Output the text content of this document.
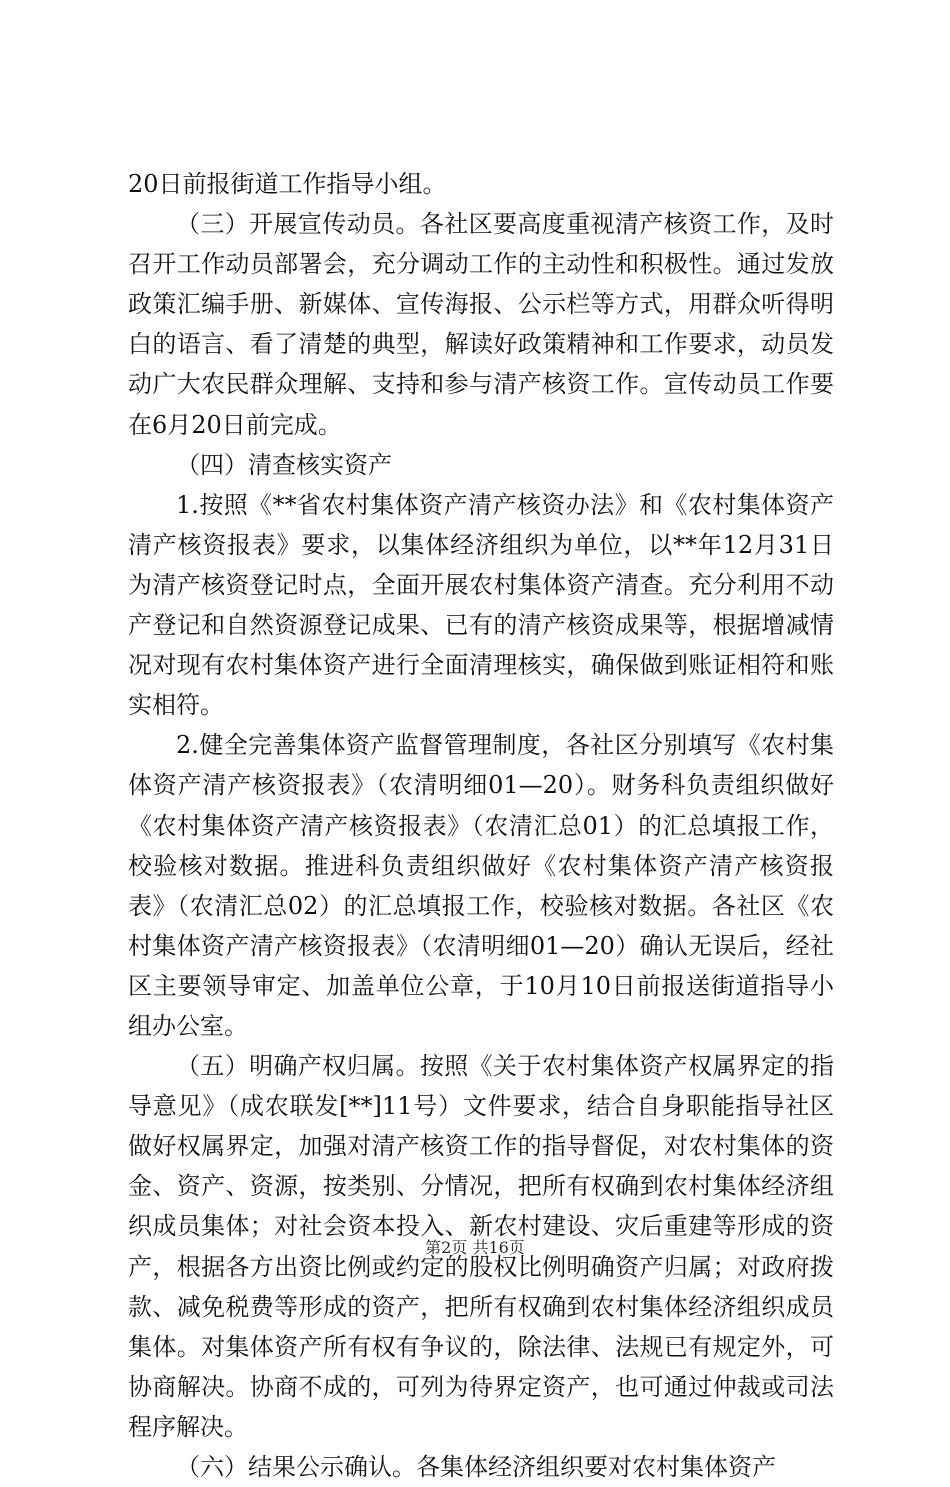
20日前报街道工作指导小组。

（三）开展宣传动员。各社区要高度重视清产核资工作，及时召开工作动员部署会，充分调动工作的主动性和积极性。通过发放政策汇编手册、新媒体、宣传海报、公示栏等方式，用群众听得明白的语言、看了清楚的典型，解读好政策精神和工作要求，动员发动广大农民群众理解、支持和参与清产核资工作。宣传动员工作要在6月20日前完成。

（四）清查核实资产

1.按照《**省农村集体资产清产核资办法》和《农村集体资产清产核资报表》要求，以集体经济组织为单位，以**年12月31日为清产核资登记时点，全面开展农村集体资产清查。充分利用不动产登记和自然资源登记成果、已有的清产核资成果等，根据增减情况对现有农村集体资产进行全面清理核实，确保做到账证相符和账实相符。

2.健全完善集体资产监督管理制度，各社区分别填写《农村集体资产清产核资报表》（农清明细01—20）。财务科负责组织做好《农村集体资产清产核资报表》（农清汇总01）的汇总填报工作，校验核对数据。推进科负责组织做好《农村集体资产清产核资报表》（农清汇总02）的汇总填报工作，校验核对数据。各社区《农村集体资产清产核资报表》（农清明细01—20）确认无误后，经社区主要领导审定、加盖单位公章，于10月10日前报送街道指导小组办公室。

（五）明确产权归属。按照《关于农村集体资产权属界定的指导意见》（成农联发[**]11号）文件要求，结合自身职能指导社区做好权属界定，加强对清产核资工作的指导督促，对农村集体的资金、资产、资源，按类别、分情况，把所有权确到农村集体经济组织成员集体；对社会资本投入、新农村建设、灾后重建等形成的资产，根据各方出资比例或约定的股权比例明确资产归属；对政府拨款、减免税费等形成的资产，把所有权确到农村集体经济组织成员集体。对集体资产所有权有争议的，除法律、法规已有规定外，可协商解决。协商不成的，可列为待界定资产，也可通过仲裁或司法程序解决。

（六）结果公示确认。各集体经济组织要对农村集体资产

第2页 共16页
